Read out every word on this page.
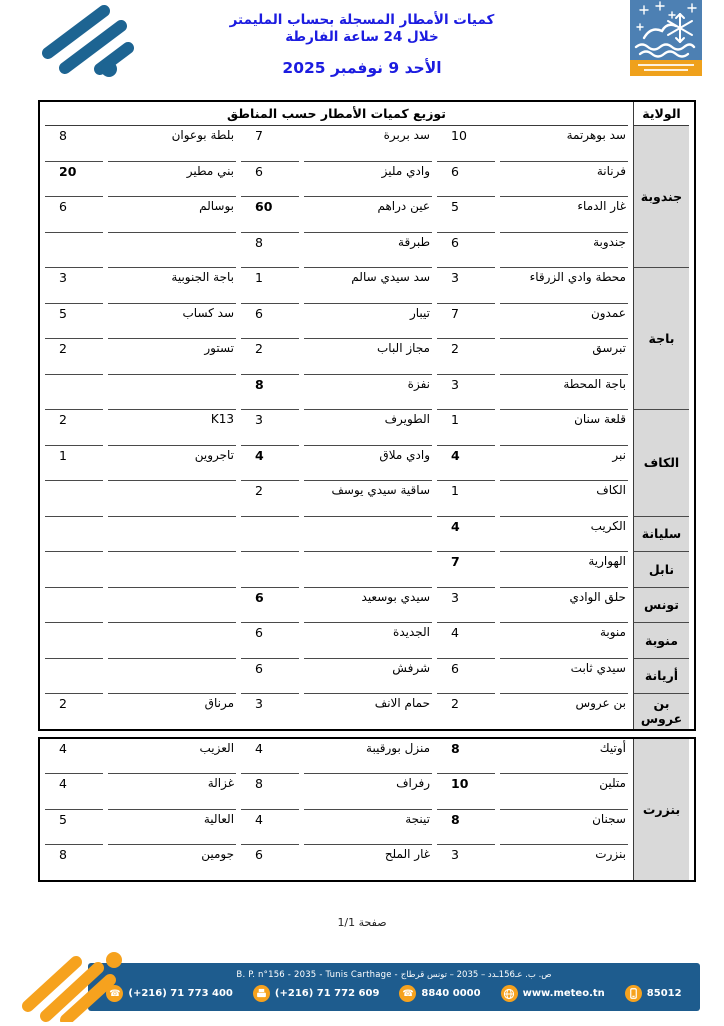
كميات الأمطار المسجلة بحساب المليمتر
خلال 24 ساعة الفارطة
الأحد 9 نوفمبر 2025
الولاية	توزيع كميات الأمطار حسب المناطق					
جندوبة	سد بوهرتمة	10	سد بربرة	7	بلطة بوعوان	8
	فرنانة	6	وادي مليز	6	بني مطير	20
	غار الدماء	5	عين دراهم	60	بوسالم	6
	جندوبة	6	طبرقة	8		
باجة	محطة وادي الزرقاء	3	سد سيدي سالم	1	باجة الجنوبية	3
	عمدون	7	تيبار	6	سد كساب	5
	تبرسق	2	مجاز الباب	2	تستور	2
	باجة المحطة	3	نفزة	8		
الكاف	قلعة سنان	1	الطويرف	3	K13	2
	نبر	4	وادي ملاق	4	تاجروين	1
	الكاف	1	ساقية سيدي يوسف	2		
سليانة	الكريب	4				
نابل	الهوارية	7				
تونس	حلق الوادي	3	سيدي بوسعيد	6		
منوبة	منوبة	4	الجديدة	6		
أريانة	سيدي ثابت	6	شرفش	6		
بن عروس	بن عروس	2	حمام الانف	3	مرناق	2
بنزرت	أوتيك	8	منزل بورقيبة	4	العزيب	4
	متلين	10	رفراف	8	غزالة	4
	سجنان	8	تينجة	4	العالية	5
	بنزرت	3	غار الملح	6	جومين	8
صفحة 1/1
B. P. n°156 - 2035 - Tunis Carthage - ص. ب. عـ156ـدد – 2035 – تونس قرطاج
☎ (+216) 71 773 400	(+216) 71 772 609	☎ 8840 0000	www.meteo.tn	85012
